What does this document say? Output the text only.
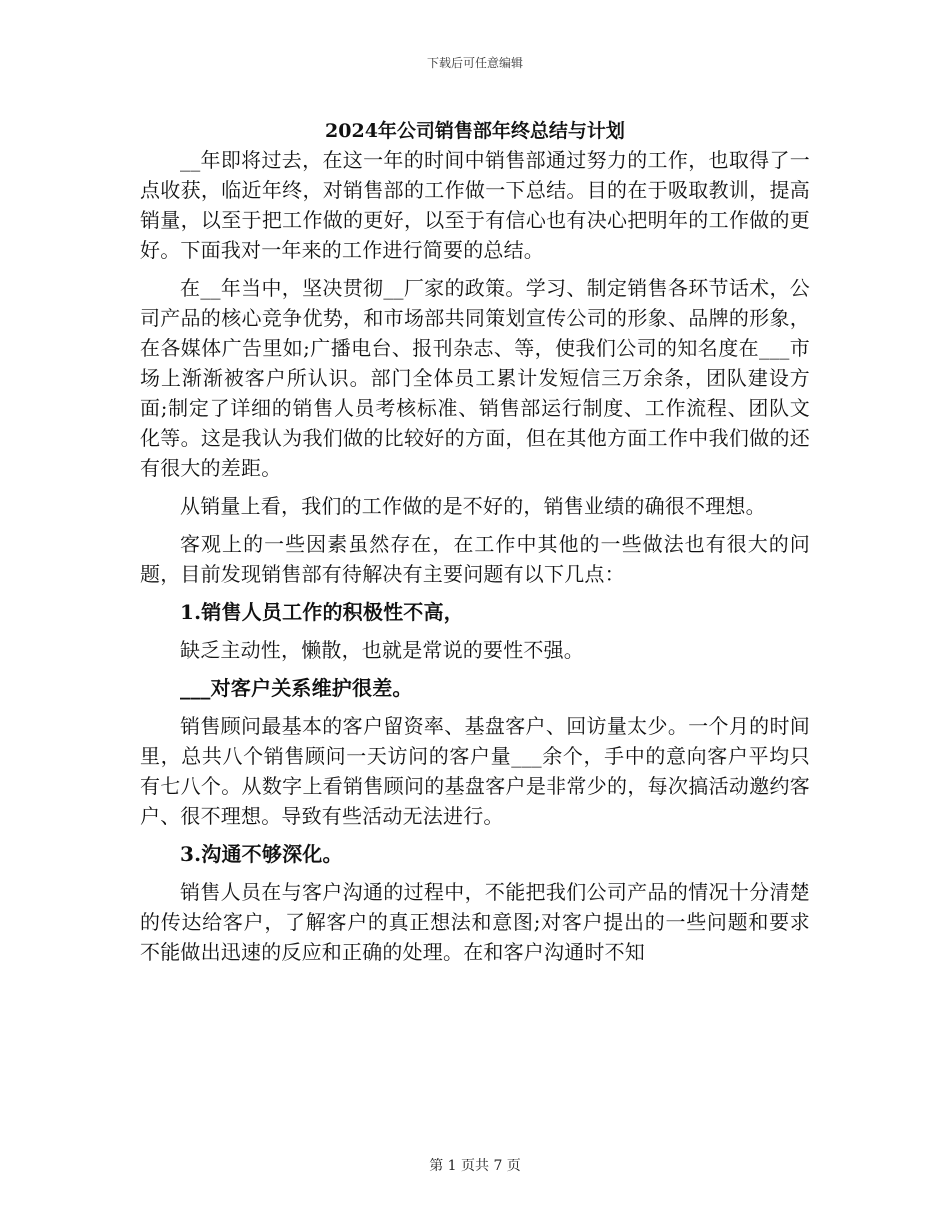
下载后可任意编辑
2024年公司销售部年终总结与计划

__年即将过去，在这一年的时间中销售部通过努力的工作，也取得了一点收获，临近年终，对销售部的工作做一下总结。目的在于吸取教训，提高销量，以至于把工作做的更好，以至于有信心也有决心把明年的工作做的更好。下面我对一年来的工作进行简要的总结。

在__年当中，坚决贯彻__厂家的政策。学习、制定销售各环节话术，公司产品的核心竞争优势，和市场部共同策划宣传公司的形象、品牌的形象，在各媒体广告里如;广播电台、报刊杂志、等，使我们公司的知名度在___市场上渐渐被客户所认识。部门全体员工累计发短信三万余条，团队建设方面;制定了详细的销售人员考核标准、销售部运行制度、工作流程、团队文化等。这是我认为我们做的比较好的方面，但在其他方面工作中我们做的还有很大的差距。

从销量上看，我们的工作做的是不好的，销售业绩的确很不理想。

客观上的一些因素虽然存在，在工作中其他的一些做法也有很大的问题，目前发现销售部有待解决有主要问题有以下几点：

1.销售人员工作的积极性不高，

缺乏主动性，懒散，也就是常说的要性不强。

___对客户关系维护很差。

销售顾问最基本的客户留资率、基盘客户、回访量太少。一个月的时间里，总共八个销售顾问一天访问的客户量___余个，手中的意向客户平均只有七八个。从数字上看销售顾问的基盘客户是非常少的，每次搞活动邀约客户、很不理想。导致有些活动无法进行。

3.沟通不够深化。

销售人员在与客户沟通的过程中，不能把我们公司产品的情况十分清楚的传达给客户，了解客户的真正想法和意图;对客户提出的一些问题和要求不能做出迅速的反应和正确的处理。在和客户沟通时不知

第 1 页共 7 页
